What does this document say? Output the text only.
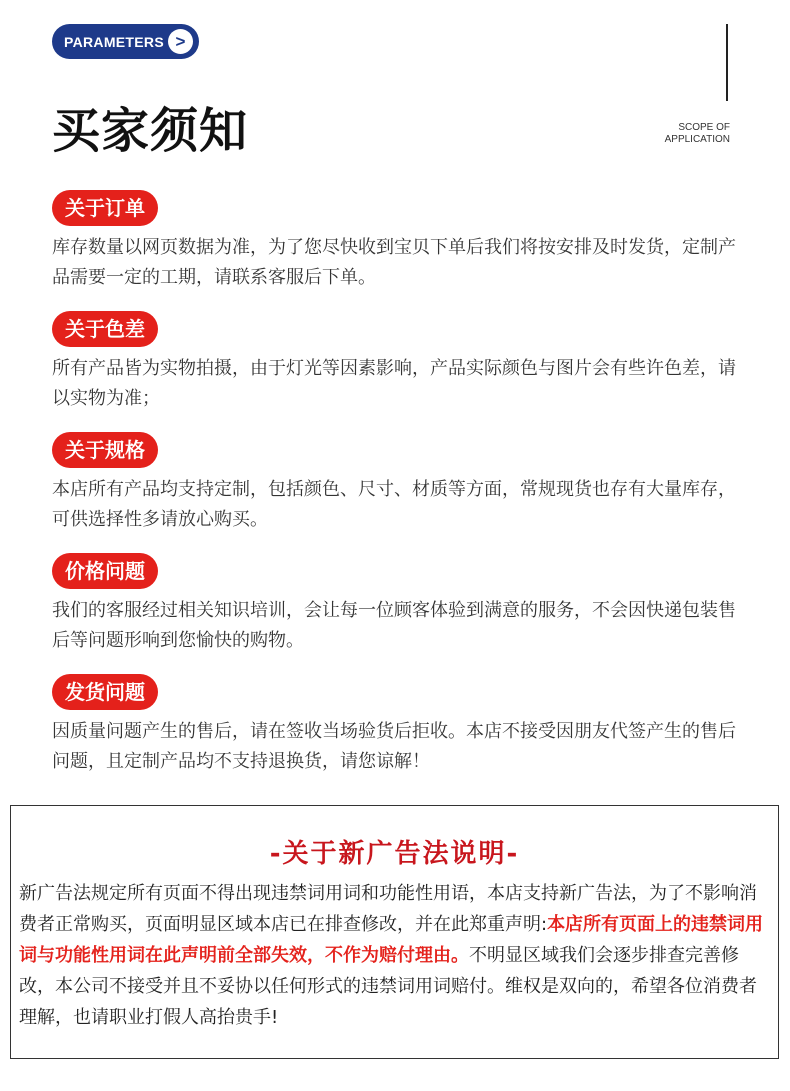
PARAMETERS >
买家须知	SCOPE OF
APPLICATION
关于订单
库存数量以网页数据为准，为了您尽快收到宝贝下单后我们将按安排及时发货，定制产品需要一定的工期，请联系客服后下单。
关于色差
所有产品皆为实物拍摄，由于灯光等因素影响，产品实际颜色与图片会有些许色差，请以实物为准；
关于规格
本店所有产品均支持定制，包括颜色、尺寸、材质等方面，常规现货也存有大量库存，可供选择性多请放心购买。
价格问题
我们的客服经过相关知识培训，会让每一位顾客体验到满意的服务，不会因快递包装售后等问题形响到您愉快的购物。
发货问题
因质量问题产生的售后，请在签收当场验货后拒收。本店不接受因朋友代签产生的售后问题，且定制产品均不支持退换货，请您谅解！
-关于新广告法说明-
新广告法规定所有页面不得出现违禁词用词和功能性用语，本店支持新广告法，为了不影响消费者正常购买，页面明显区域本店已在排查修改，并在此郑重声明:本店所有页面上的违禁词用词与功能性用词在此声明前全部失效，不作为赔付理由。不明显区域我们会逐步排查完善修改，本公司不接受并且不妥协以任何形式的违禁词用词赔付。维权是双向的，希望各位消费者理解，也请职业打假人高抬贵手!
